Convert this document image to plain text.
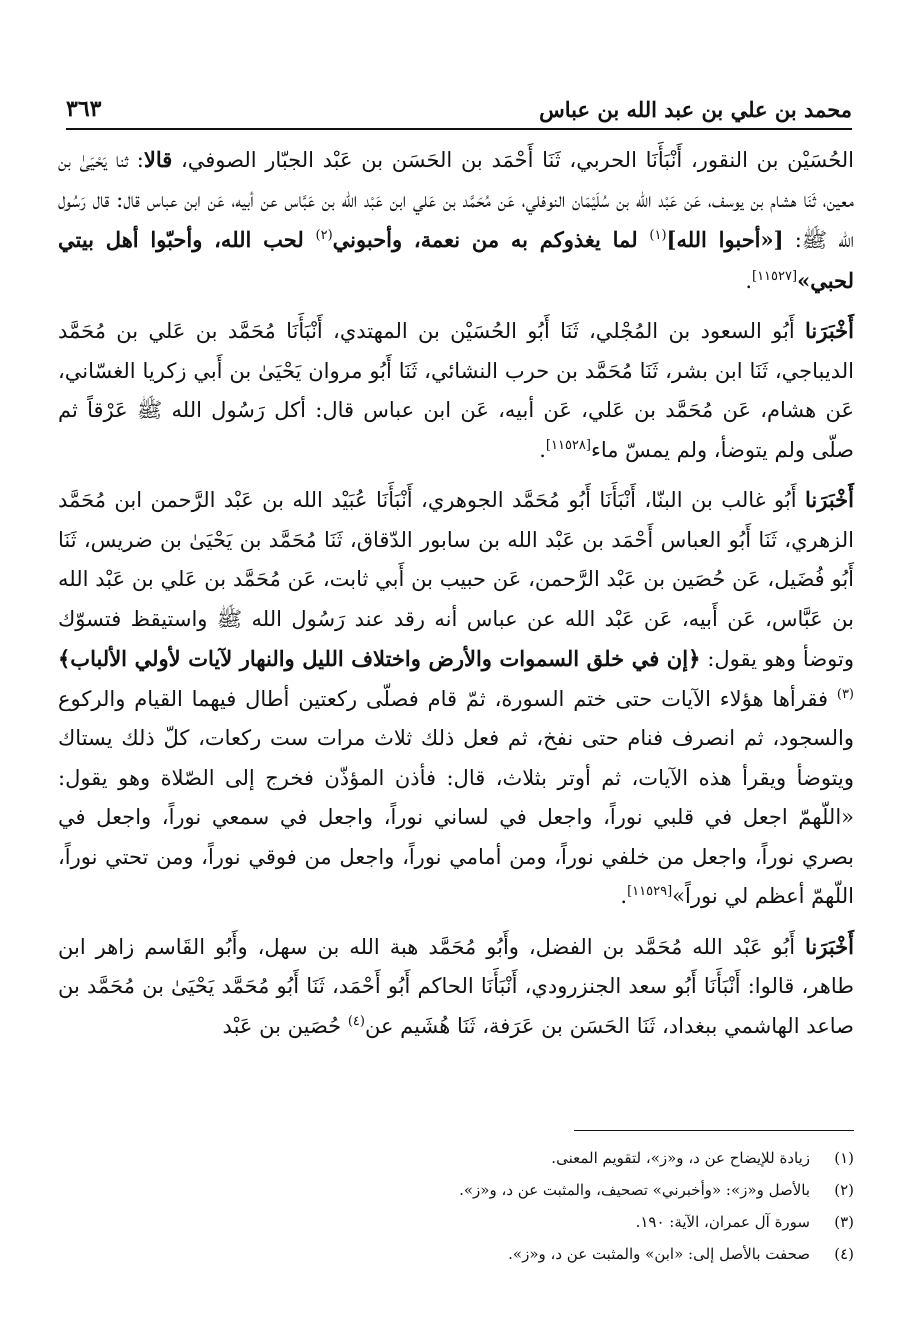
محمد بن علي بن عبد الله بن عباس
٣٦٣

الحُسَيْن بن النقور، أَنْبَأَنَا الحربي، ثَنَا أَحْمَد بن الحَسَن بن عَبْد الجبّار الصوفي، قالا: ثنا يَحْيَىٰ بن معين، ثَنَا هشام بن يوسف، عَن عَبْد الله بن سُلَيْمَان النوفلي، عَن مُحَمَّد بن عَلي ابن عَبْد الله بن عَبَّاس عن أبيه، عَن ابن عباس قال: قال رَسُول الله ﷺ: [«أحبوا الله]$^{(١)}$ لما يغذوكم به من نعمة، وأحبوني$^{(٢)}$ لحب الله، وأحبّوا أهل بيتي لحبي»[١١٥٢٧].

أَخْبَرَنا أَبُو السعود بن المُجْلي، ثَنَا أَبُو الحُسَيْن بن المهتدي، أَنْبَأَنَا مُحَمَّد بن عَلي بن مُحَمَّد الديباجي، ثَنَا ابن بشر، ثَنَا مُحَمَّد بن حرب النشائي، ثَنَا أَبُو مروان يَحْيَىٰ بن أَبي زكريا الغسّاني، عَن هشام، عَن مُحَمَّد بن عَلي، عَن أبيه، عَن ابن عباس قال: أكل رَسُول الله ﷺ عَرْقاً ثم صلّى ولم يتوضأ، ولم يمسّ ماء[١١٥٢٨].

أَخْبَرَنا أَبُو غالب بن البنّا، أَنْبَأَنَا أَبُو مُحَمَّد الجوهري، أَنْبَأَنَا عُبَيْد الله بن عَبْد الرَّحمن ابن مُحَمَّد الزهري، ثَنَا أَبُو العباس أَحْمَد بن عَبْد الله بن سابور الدّقاق، ثَنَا مُحَمَّد بن يَحْيَىٰ بن ضريس، ثَنَا أَبُو فُضَيل، عَن حُصَين بن عَبْد الرَّحمن، عَن حبيب بن أَبي ثابت، عَن مُحَمَّد بن عَلي بن عَبْد الله بن عَبَّاس، عَن أَبيه، عَن عَبْد الله عن عباس أنه رقد عند رَسُول الله ﷺ واستيقظ فتسوّك وتوضأ وهو يقول: ﴿إن في خلق السموات والأرض واختلاف الليل والنهار لآيات لأولي الألباب﴾$^{(٣)}$ فقرأها هؤلاء الآيات حتى ختم السورة، ثمّ قام فصلّى ركعتين أطال فيهما القيام والركوع والسجود، ثم انصرف فنام حتى نفخ، ثم فعل ذلك ثلاث مرات ست ركعات، كلّ ذلك يستاك ويتوضأ ويقرأ هذه الآيات، ثم أوتر بثلاث، قال: فأذن المؤذّن فخرج إلى الصّلاة وهو يقول: «اللّهمّ اجعل في قلبي نوراً، واجعل في لساني نوراً، واجعل في سمعي نوراً، واجعل في بصري نوراً، واجعل من خلفي نوراً، ومن أمامي نوراً، واجعل من فوقي نوراً، ومن تحتي نوراً، اللّهمّ أعظم لي نوراً»[١١٥٢٩].

أَخْبَرَنا أَبُو عَبْد الله مُحَمَّد بن الفضل، وأَبُو مُحَمَّد هبة الله بن سهل، وأَبُو القَاسم زاهر ابن طاهر، قالوا: أَنْبَأَنَا أَبُو سعد الجنزرودي، أَنْبَأَنَا الحاكم أَبُو أَحْمَد، ثَنَا أَبُو مُحَمَّد يَحْيَىٰ بن مُحَمَّد بن صاعد الهاشمي ببغداد، ثَنَا الحَسَن بن عَرَفة، ثَنَا هُشَيم عن$^{(٤)}$ حُصَين بن عَبْد

(١)
زيادة للإيضاح عن د، و«ز»، لتقويم المعنى.
(٢)
بالأصل و«ز»: «وأخبرني» تصحيف، والمثبت عن د، و«ز».
(٣)
سورة آل عمران، الآية: ١٩٠.
(٤)
صحفت بالأصل إلى: «ابن» والمثبت عن د، و«ز».
